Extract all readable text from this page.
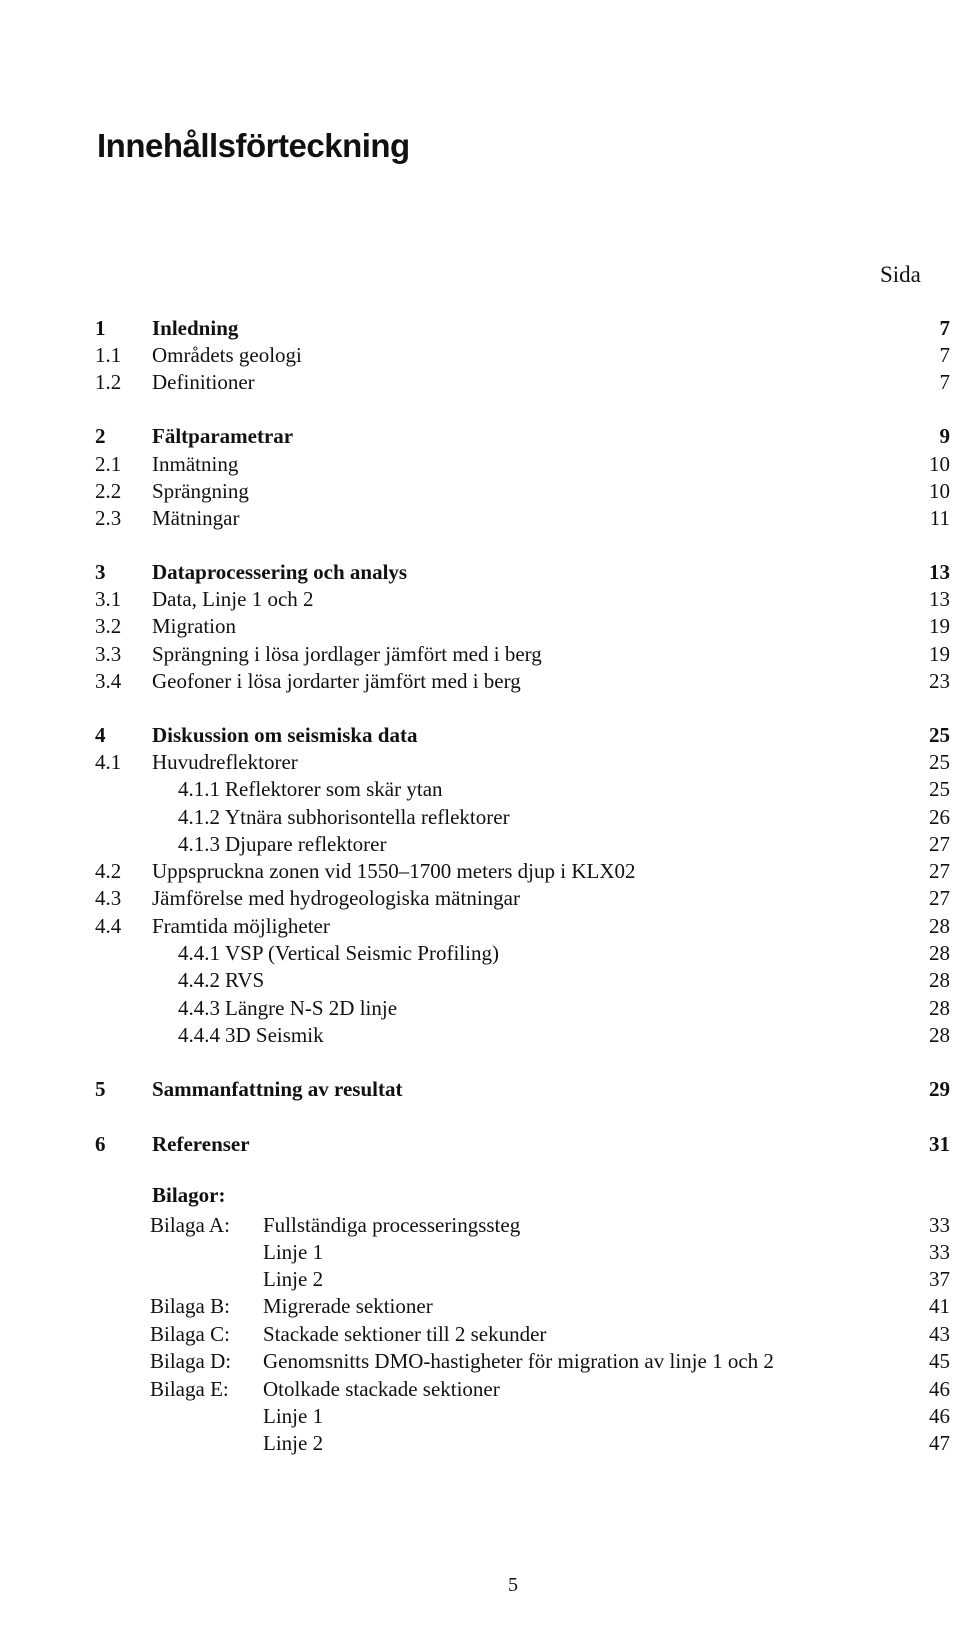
Innehållsförteckning
Sida
1 Inledning	7
1.1 Områdets geologi	7
1.2 Definitioner	7
2 Fältparametrar	9
2.1 Inmätning	10
2.2 Sprängning	10
2.3 Mätningar	11
3 Dataprocessering och analys	13
3.1 Data, Linje 1 och 2	13
3.2 Migration	19
3.3 Sprängning i lösa jordlager jämfört med i berg	19
3.4 Geofoner i lösa jordarter jämfört med i berg	23
4 Diskussion om seismiska data	25
4.1 Huvudreflektorer	25
4.1.1 Reflektorer som skär ytan	25
4.1.2 Ytnära subhorisontella reflektorer	26
4.1.3 Djupare reflektorer	27
4.2 Uppspruckna zonen vid 1550–1700 meters djup i KLX02	27
4.3 Jämförelse med hydrogeologiska mätningar	27
4.4 Framtida möjligheter	28
4.4.1 VSP (Vertical Seismic Profiling)	28
4.4.2 RVS	28
4.4.3 Längre N-S 2D linje	28
4.4.4 3D Seismik	28
5 Sammanfattning av resultat	29
6 Referenser	31
Bilagor:
Bilaga A: Fullständiga processeringssteg	33
Linje 1	33
Linje 2	37
Bilaga B: Migrerade sektioner	41
Bilaga C: Stackade sektioner till 2 sekunder	43
Bilaga D: Genomsnitts DMO-hastigheter för migration av linje 1 och 2	45
Bilaga E: Otolkade stackade sektioner	46
Linje 1	46
Linje 2	47
5
